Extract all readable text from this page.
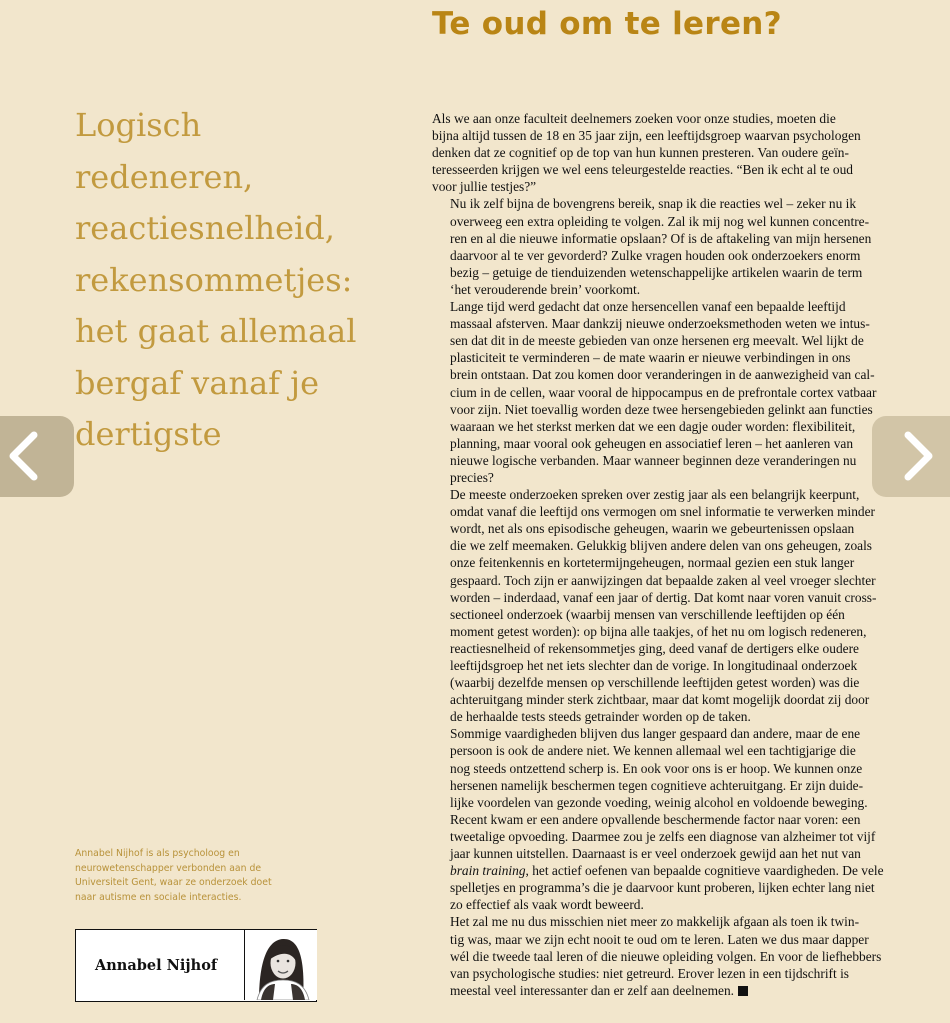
Te oud om te leren?
Logisch
redeneren,
reactiesnelheid,
rekensommetjes:
het gaat allemaal
bergaf vanaf je
dertigste

Als we aan onze faculteit deelnemers zoeken voor onze studies, moeten die
bijna altijd tussen de 18 en 35 jaar zijn, een leeftijdsgroep waarvan psychologen
denken dat ze cognitief op de top van hun kunnen presteren. Van oudere geïn-
teresseerden krijgen we wel eens teleurgestelde reacties. “Ben ik echt al te oud
voor jullie testjes?”

Nu ik zelf bijna de bovengrens bereik, snap ik die reacties wel – zeker nu ik
overweeg een extra opleiding te volgen. Zal ik mij nog wel kunnen concentre-
ren en al die nieuwe informatie opslaan? Of is de aftakeling van mijn hersenen
daarvoor al te ver gevorderd? Zulke vragen houden ook onderzoekers enorm
bezig – getuige de tienduizenden wetenschappelijke artikelen waarin de term
‘het verouderende brein’ voorkomt.

Lange tijd werd gedacht dat onze hersencellen vanaf een bepaalde leeftijd
massaal afsterven. Maar dankzij nieuwe onderzoeksmethoden weten we intus-
sen dat dit in de meeste gebieden van onze hersenen erg meevalt. Wel lijkt de
plasticiteit te verminderen – de mate waarin er nieuwe verbindingen in ons
brein ontstaan. Dat zou komen door veranderingen in de aanwezigheid van cal-
cium in de cellen, waar vooral de hippocampus en de prefrontale cortex vatbaar
voor zijn. Niet toevallig worden deze twee hersengebieden gelinkt aan functies
waaraan we het sterkst merken dat we een dagje ouder worden: flexibiliteit,
planning, maar vooral ook geheugen en associatief leren – het aanleren van
nieuwe logische verbanden. Maar wanneer beginnen deze veranderingen nu
precies?

De meeste onderzoeken spreken over zestig jaar als een belangrijk keerpunt,
omdat vanaf die leeftijd ons vermogen om snel informatie te verwerken minder
wordt, net als ons episodische geheugen, waarin we gebeurtenissen opslaan
die we zelf meemaken. Gelukkig blijven andere delen van ons geheugen, zoals
onze feitenkennis en kortetermijngeheugen, normaal gezien een stuk langer
gespaard. Toch zijn er aanwijzingen dat bepaalde zaken al veel vroeger slechter
worden – inderdaad, vanaf een jaar of dertig. Dat komt naar voren vanuit cross-
sectioneel onderzoek (waarbij mensen van verschillende leeftijden op één
moment getest worden): op bijna alle taakjes, of het nu om logisch redeneren,
reactiesnelheid of rekensommetjes ging, deed vanaf de dertigers elke oudere
leeftijdsgroep het net iets slechter dan de vorige. In longitudinaal onderzoek
(waarbij dezelfde mensen op verschillende leeftijden getest worden) was die
achteruitgang minder sterk zichtbaar, maar dat komt mogelijk doordat zij door
de herhaalde tests steeds getrainder worden op de taken.

Sommige vaardigheden blijven dus langer gespaard dan andere, maar de ene
persoon is ook de andere niet. We kennen allemaal wel een tachtigjarige die
nog steeds ontzettend scherp is. En ook voor ons is er hoop. We kunnen onze
hersenen namelijk beschermen tegen cognitieve achteruitgang. Er zijn duide-
lijke voordelen van gezonde voeding, weinig alcohol en voldoende beweging.
Recent kwam er een andere opvallende beschermende factor naar voren: een
tweetalige opvoeding. Daarmee zou je zelfs een diagnose van alzheimer tot vijf
jaar kunnen uitstellen. Daarnaast is er veel onderzoek gewijd aan het nut van
brain training, het actief oefenen van bepaalde cognitieve vaardigheden. De vele
spelletjes en programma’s die je daarvoor kunt proberen, lijken echter lang niet
zo effectief als vaak wordt beweerd.

Het zal me nu dus misschien niet meer zo makkelijk afgaan als toen ik twin-
tig was, maar we zijn echt nooit te oud om te leren. Laten we dus maar dapper
wél die tweede taal leren of die nieuwe opleiding volgen. En voor de liefhebbers
van psychologische studies: niet getreurd. Erover lezen in een tijdschrift is
meestal veel interessanter dan er zelf aan deelnemen.

Annabel Nijhof is als psycholoog en
neurowetenschapper verbonden aan de
Universiteit Gent, waar ze onderzoek doet
naar autisme en sociale interacties.
Annabel Nijhof
